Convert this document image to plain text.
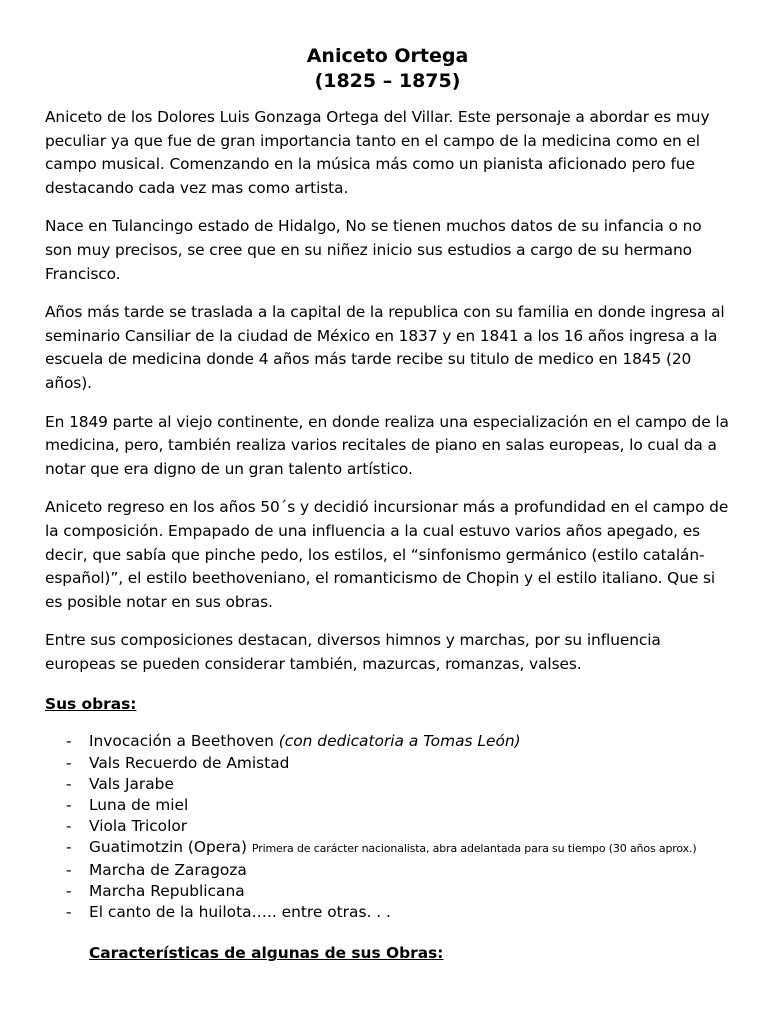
Aniceto Ortega
(1825 – 1875)

Aniceto de los Dolores Luis Gonzaga Ortega del Villar. Este personaje a abordar es muy peculiar ya que fue de gran importancia tanto en el campo de la medicina como en el campo musical. Comenzando en la música más como un pianista aficionado pero fue destacando cada vez mas como artista.

Nace en Tulancingo estado de Hidalgo, No se tienen muchos datos de su infancia o no son muy precisos, se cree que en su niñez inicio sus estudios a cargo de su hermano Francisco.

Años más tarde se traslada a la capital de la republica con su familia en donde ingresa al seminario Cansiliar de la ciudad de México en 1837 y en 1841 a los 16 años ingresa a la escuela de medicina donde 4 años más tarde recibe su titulo de medico en 1845 (20 años).

En 1849 parte al viejo continente, en donde realiza una especialización en el campo de la medicina, pero, también realiza varios recitales de piano en salas europeas, lo cual da a notar que era digno de un gran talento artístico.

Aniceto regreso en los años 50´s y decidió incursionar más a profundidad en el campo de la composición. Empapado de una influencia a la cual estuvo varios años apegado, es decir, que sabía que pinche pedo, los estilos, el “sinfonismo germánico (estilo catalán- español)”, el estilo beethoveniano, el romanticismo de Chopin y el estilo italiano. Que si es posible notar en sus obras.

Entre sus composiciones destacan, diversos himnos y marchas, por su influencia europeas se pueden considerar también, mazurcas, romanzas, valses.

Sus obras:
- Invocación a Beethoven (con dedicatoria a Tomas León)
- Vals Recuerdo de Amistad
- Vals Jarabe
- Luna de miel
- Viola Tricolor
- Guatimotzin (Opera) Primera de carácter nacionalista, abra adelantada para su tiempo (30 años aprox.)
- Marcha de Zaragoza
- Marcha Republicana
- El canto de la huilota….. entre otras. . .
Características de algunas de sus Obras:
